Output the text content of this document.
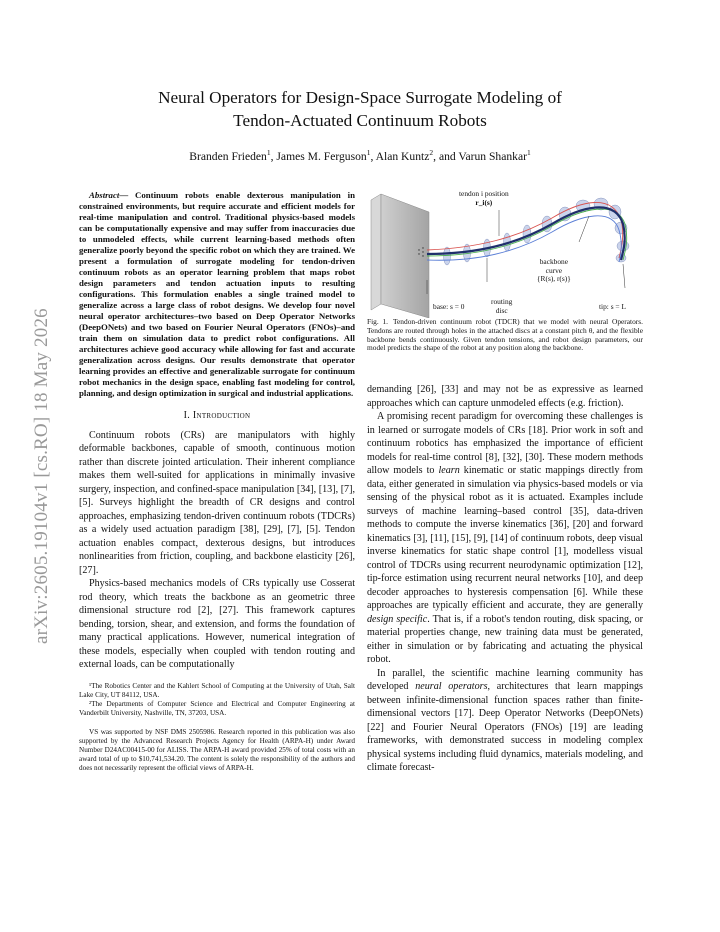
arXiv:2605.19104v1 [cs.RO] 18 May 2026
Neural Operators for Design-Space Surrogate Modeling of
Tendon-Actuated Continuum Robots
Branden Frieden$^1$, James M. Ferguson$^1$, Alan Kuntz$^2$, and Varun Shankar$^1$

Abstract— Continuum robots enable dexterous manipulation in constrained environments, but require accurate and efficient models for real-time manipulation and control. Traditional physics-based models can be computationally expensive and may suffer from inaccuracies due to unmodeled effects, while current learning-based methods often generalize poorly beyond the specific robot on which they are trained. We present a formulation of surrogate modeling for tendon-driven continuum robots as an operator learning problem that maps robot design parameters and tendon actuation inputs to resulting configurations. This formulation enables a single trained model to generalize across a large class of robot designs. We develop four novel neural operator architectures–two based on Deep Operator Networks (DeepONets) and two based on Fourier Neural Operators (FNOs)–and train them on simulation data to predict robot configurations. All architectures achieve good accuracy while allowing for fast and accurate generalization across designs. Our results demonstrate that operator learning provides an effective and generalizable surrogate for continuum robot mechanics in the design space, enabling fast modeling for control, planning, and design optimization in surgical and industrial applications.

I. Introduction

Continuum robots (CRs) are manipulators with highly deformable backbones, capable of smooth, continuous motion rather than discrete jointed articulation. Their inherent compliance makes them well-suited for applications in minimally invasive surgery, inspection, and confined-space manipulation [34], [13], [7], [5]. Surveys highlight the breadth of CR designs and control approaches, emphasizing tendon-driven continuum robots (TDCRs) as a widely used actuation paradigm [38], [29], [7], [5]. Tendon actuation enables compact, dexterous designs, but introduces nonlinearities from friction, coupling, and backbone elasticity [26], [27].

Physics-based mechanics models of CRs typically use Cosserat rod theory, which treats the backbone as an geometric three dimensional structure rod [2], [27]. This framework captures bending, torsion, shear, and extension, and forms the foundation of many practical applications. However, numerical integration of these models, especially when coupled with tendon routing and external loads, can be computationally

¹The Robotics Center and the Kahlert School of Computing at the University of Utah, Salt Lake City, UT 84112, USA.

²The Departments of Computer Science and Electrical and Computer Engineering at Vanderbilt University, Nashville, TN, 37203, USA.

VS was supported by NSF DMS 2505986. Research reported in this publication was also supported by the Advanced Research Projects Agency for Health (ARPA-H) under Award Number D24AC00415-00 for ALISS. The ARPA-H award provided 25% of total costs with an award total of up to $10,741,534.20. The content is solely the responsibility of the authors and does not necessarily represent the official views of ARPA-H.

tendon i position
r_i(s)
backbone
curve
{R(s), r(s)}
base: s = 0
routing
disc	tip: s = L

Fig. 1. Tendon-driven continuum robot (TDCR) that we model with neural Operators. Tendons are routed through holes in the attached discs at a constant pitch θ, and the flexible backbone bends continuously. Given tendon tensions, and robot design parameters, our model predicts the shape of the robot at any position along the backbone.

demanding [26], [33] and may not be as expressive as learned approaches which can capture unmodeled effects (e.g. friction).

A promising recent paradigm for overcoming these challenges is in learned or surrogate models of CRs [18]. Prior work in soft and continuum robotics has emphasized the importance of efficient models for real-time control [8], [32], [30]. These modern methods allow models to learn kinematic or static mappings directly from data, either generated in simulation via physics-based models or via sensing of the physical robot as it is actuated. Examples include surveys of machine learning–based control [35], data-driven methods to compute the inverse kinematics [36], [20] and forward kinematics [3], [11], [15], [9], [14] of continuum robots, deep visual inverse kinematics for static shape control [1], modelless visual control of TDCRs using recurrent neurodynamic optimization [12], tip-force estimation using recurrent neural networks [10], and deep decoder approaches to hysteresis compensation [6]. While these approaches are typically efficient and accurate, they are generally design specific. That is, if a robot's tendon routing, disk spacing, or material properties change, new training data must be generated, either in simulation or by fabricating and actuating the physical robot.

In parallel, the scientific machine learning community has developed neural operators, architectures that learn mappings between infinite-dimensional function spaces rather than finite-dimensional vectors [17]. Deep Operator Networks (DeepONets) [22] and Fourier Neural Operators (FNOs) [19] are leading frameworks, with demonstrated success in modeling complex physical systems including fluid dynamics, materials modeling, and climate forecast-
